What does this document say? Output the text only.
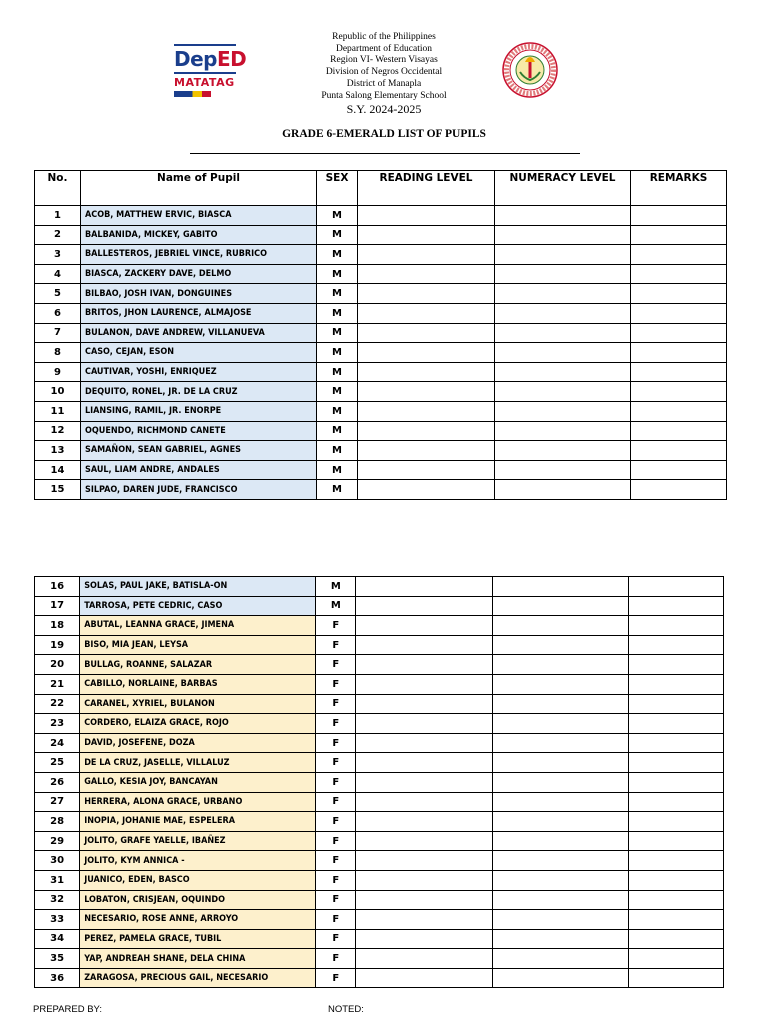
DepED
MATATAG
Republic of the Philippines
Department of Education
Region VI- Western Visayas
Division of Negros Occidental
District of Manapla
Punta Salong Elementary School
S.Y. 2024-2025
GRADE 6-EMERALD LIST OF PUPILS
No.	Name of Pupil	SEX	READING LEVEL	NUMERACY LEVEL	REMARKS
1	ACOB, MATTHEW ERVIC, BIASCA	M			
2	BALBANIDA, MICKEY, GABITO	M			
3	BALLESTEROS, JEBRIEL VINCE, RUBRICO	M			
4	BIASCA, ZACKERY DAVE, DELMO	M			
5	BILBAO, JOSH IVAN, DONGUINES	M			
6	BRITOS, JHON LAURENCE, ALMAJOSE	M			
7	BULANON, DAVE ANDREW, VILLANUEVA	M			
8	CASO, CEJAN, ESON	M			
9	CAUTIVAR, YOSHI, ENRIQUEZ	M			
10	DEQUITO, RONEL, JR. DE LA CRUZ	M			
11	LIANSING, RAMIL, JR. ENORPE	M			
12	OQUENDO, RICHMOND CANETE	M			
13	SAMAÑON, SEAN GABRIEL, AGNES	M			
14	SAUL, LIAM ANDRE, ANDALES	M			
15	SILPAO, DAREN JUDE, FRANCISCO	M			
16	SOLAS, PAUL JAKE, BATISLA-ON	M			
17	TARROSA, PETE CEDRIC, CASO	M			
18	ABUTAL, LEANNA GRACE, JIMENA	F			
19	BISO, MIA JEAN, LEYSA	F			
20	BULLAG, ROANNE, SALAZAR	F			
21	CABILLO, NORLAINE, BARBAS	F			
22	CARANEL, XYRIEL, BULANON	F			
23	CORDERO, ELAIZA GRACE, ROJO	F			
24	DAVID, JOSEFENE, DOZA	F			
25	DE LA CRUZ, JASELLE, VILLALUZ	F			
26	GALLO, KESIA JOY, BANCAYAN	F			
27	HERRERA, ALONA GRACE, URBANO	F			
28	INOPIA, JOHANIE MAE, ESPELERA	F			
29	JOLITO, GRAFE YAELLE, IBAÑEZ	F			
30	JOLITO, KYM ANNICA -	F			
31	JUANICO, EDEN, BASCO	F			
32	LOBATON, CRISJEAN, OQUINDO	F			
33	NECESARIO, ROSE ANNE, ARROYO	F			
34	PEREZ, PAMELA GRACE, TUBIL	F			
35	YAP, ANDREAH SHANE, DELA CHINA	F			
36	ZARAGOSA, PRECIOUS GAIL, NECESARIO	F			
PREPARED BY:	NOTED:
